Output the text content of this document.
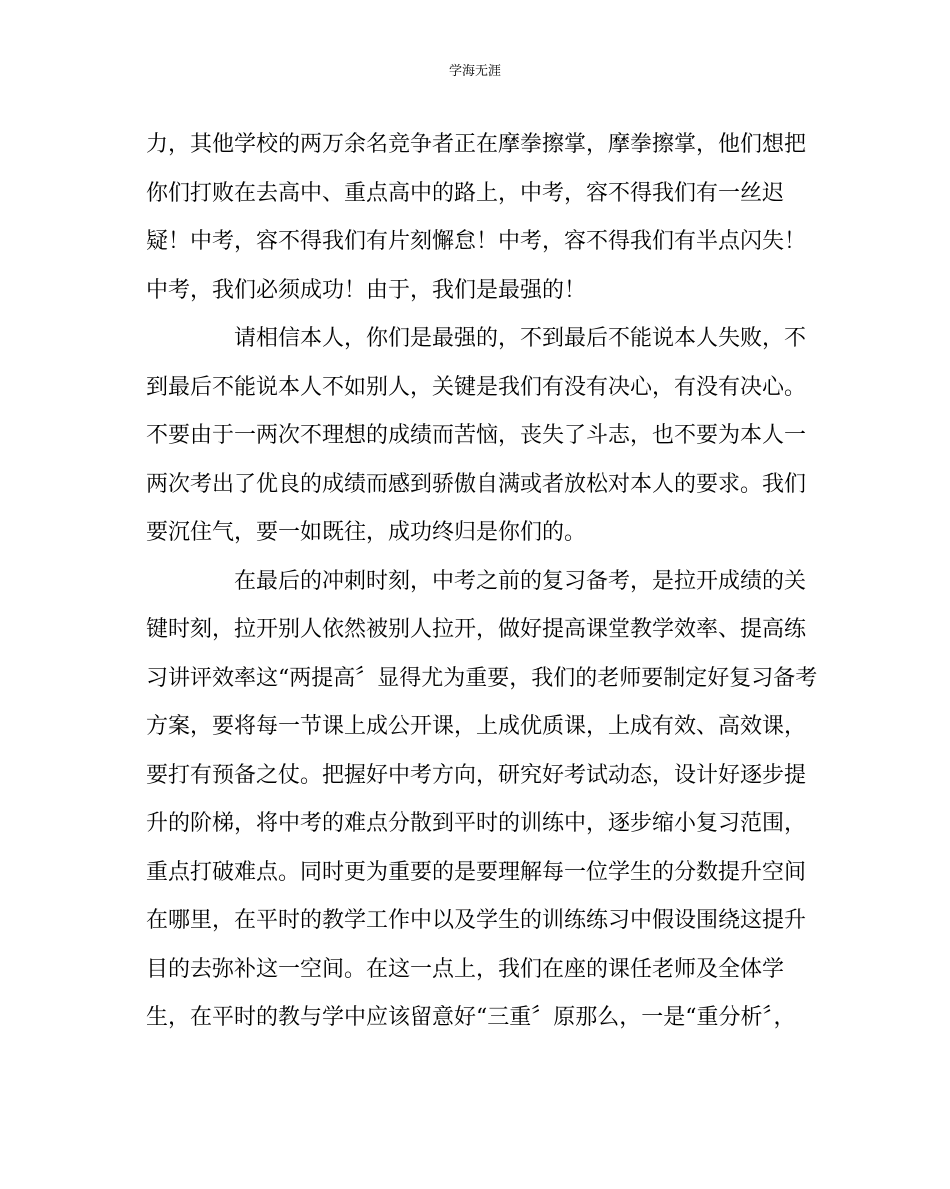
学海无涯
力，其他学校的两万余名竞争者正在摩拳擦掌，摩拳擦掌，他们想把
你们打败在去高中、重点高中的路上，中考，容不得我们有一丝迟
疑！中考，容不得我们有片刻懈怠！中考，容不得我们有半点闪失！
中考，我们必须成功！由于，我们是最强的！
请相信本人，你们是最强的，不到最后不能说本人失败，不
到最后不能说本人不如别人，关键是我们有没有决心，有没有决心。
不要由于一两次不理想的成绩而苦恼，丧失了斗志，也不要为本人一
两次考出了优良的成绩而感到骄傲自满或者放松对本人的要求。我们
要沉住气，要一如既往，成功终归是你们的。
在最后的冲刺时刻，中考之前的复习备考，是拉开成绩的关
键时刻，拉开别人依然被别人拉开，做好提高课堂教学效率、提高练
习讲评效率这“两提高〞显得尤为重要，我们的老师要制定好复习备考
方案，要将每一节课上成公开课，上成优质课，上成有效、高效课，
要打有预备之仗。把握好中考方向，研究好考试动态，设计好逐步提
升的阶梯，将中考的难点分散到平时的训练中，逐步缩小复习范围，
重点打破难点。同时更为重要的是要理解每一位学生的分数提升空间
在哪里，在平时的教学工作中以及学生的训练练习中假设围绕这提升
目的去弥补这一空间。在这一点上，我们在座的课任老师及全体学
生，在平时的教与学中应该留意好“三重〞原那么，一是“重分析〞，
